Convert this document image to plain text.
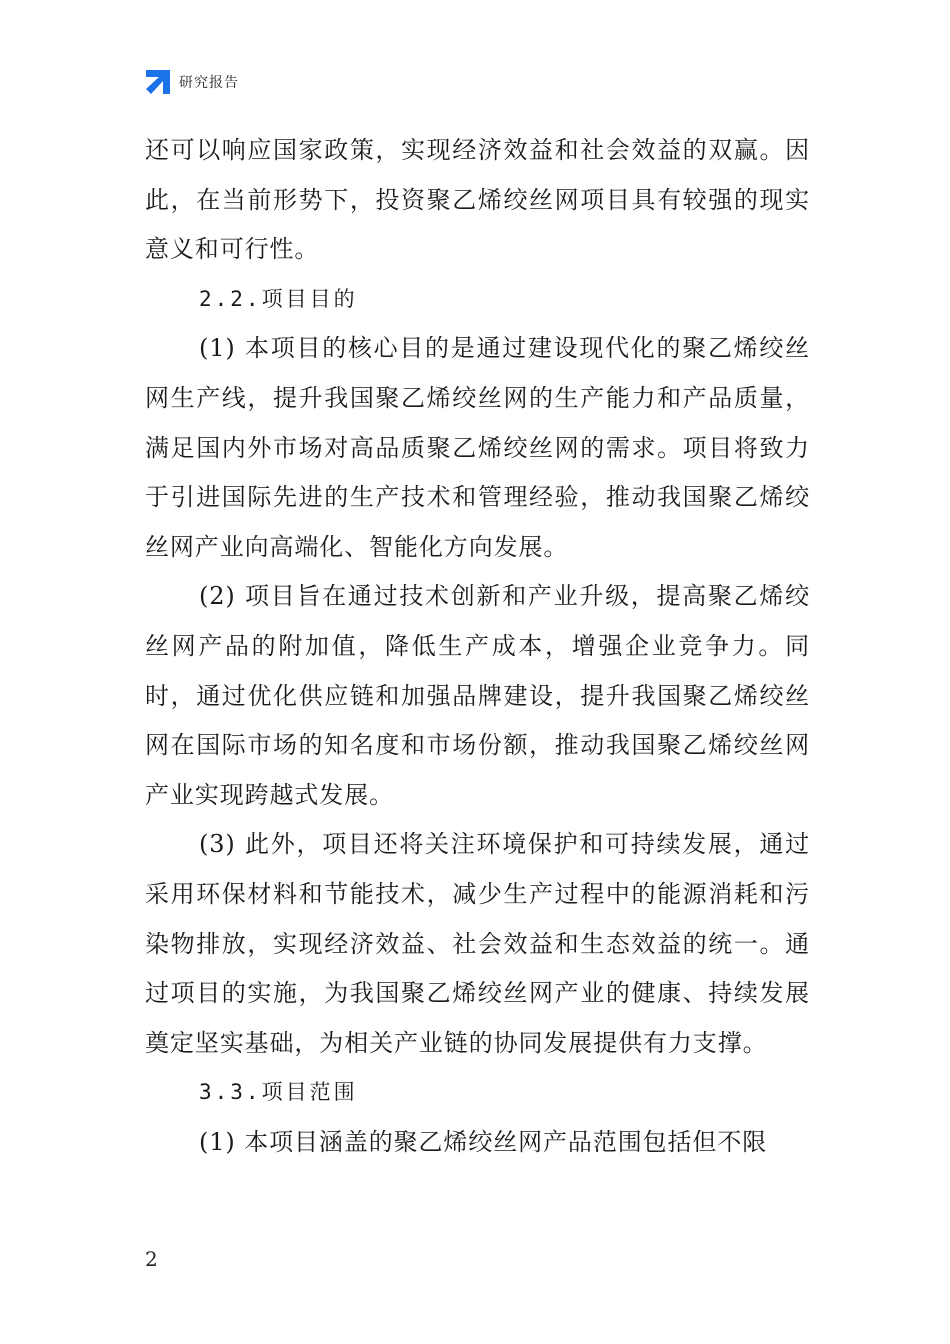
研究报告

还可以响应国家政策，实现经济效益和社会效益的双赢。因此，在当前形势下，投资聚乙烯绞丝网项目具有较强的现实意义和可行性。

2.2.项目目的

(1) 本项目的核心目的是通过建设现代化的聚乙烯绞丝网生产线，提升我国聚乙烯绞丝网的生产能力和产品质量，满足国内外市场对高品质聚乙烯绞丝网的需求。项目将致力于引进国际先进的生产技术和管理经验，推动我国聚乙烯绞丝网产业向高端化、智能化方向发展。

(2) 项目旨在通过技术创新和产业升级，提高聚乙烯绞丝网产品的附加值，降低生产成本，增强企业竞争力。同时，通过优化供应链和加强品牌建设，提升我国聚乙烯绞丝网在国际市场的知名度和市场份额，推动我国聚乙烯绞丝网产业实现跨越式发展。

(3) 此外，项目还将关注环境保护和可持续发展，通过采用环保材料和节能技术，减少生产过程中的能源消耗和污染物排放，实现经济效益、社会效益和生态效益的统一。通过项目的实施，为我国聚乙烯绞丝网产业的健康、持续发展奠定坚实基础，为相关产业链的协同发展提供有力支撑。

3.3.项目范围

(1) 本项目涵盖的聚乙烯绞丝网产品范围包括但不限

2
